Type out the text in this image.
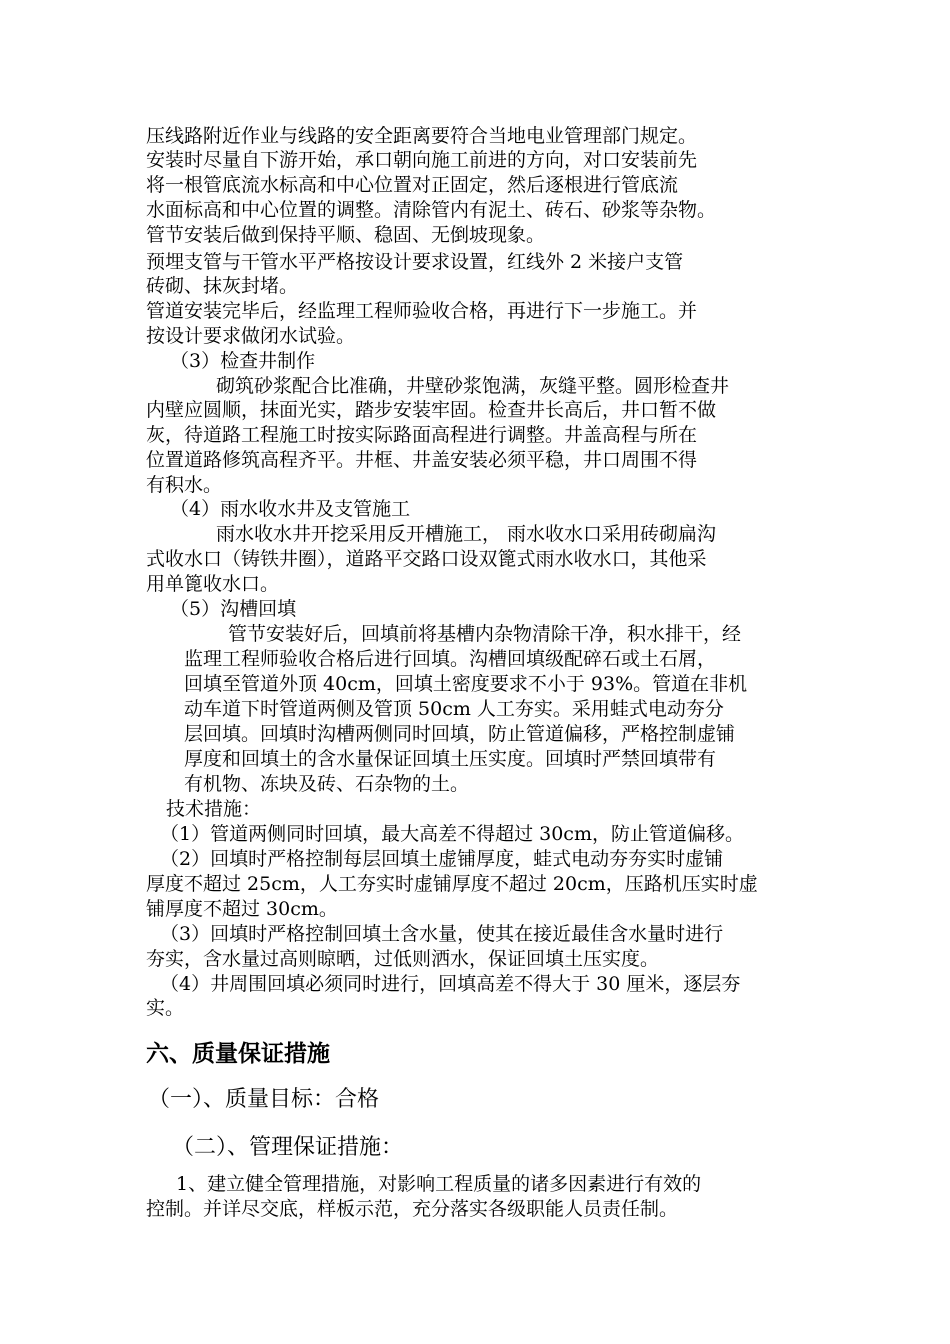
压线路附近作业与线路的安全距离要符合当地电业管理部门规定。
安装时尽量自下游开始，承口朝向施工前进的方向，对口安装前先
将一根管底流水标高和中心位置对正固定，然后逐根进行管底流
水面标高和中心位置的调整。清除管内有泥土、砖石、砂浆等杂物。
管节安装后做到保持平顺、稳固、无倒坡现象。
预埋支管与干管水平严格按设计要求设置，红线外 2 米接户支管
砖砌、抹灰封堵。
管道安装完毕后，经监理工程师验收合格，再进行下一步施工。并
按设计要求做闭水试验。
（3）检查井制作
砌筑砂浆配合比准确，井壁砂浆饱满，灰缝平整。圆形检查井
内壁应圆顺，抹面光实，踏步安装牢固。检查井长高后，井口暂不做
灰，待道路工程施工时按实际路面高程进行调整。井盖高程与所在
位置道路修筑高程齐平。井框、井盖安装必须平稳，井口周围不得
有积水。
（4）雨水收水井及支管施工
雨水收水井开挖采用反开槽施工， 雨水收水口采用砖砌扁沟
式收水口（铸铁井圈），道路平交路口设双篦式雨水收水口，其他采
用单篦收水口。
（5）沟槽回填
管节安装好后，回填前将基槽内杂物清除干净，积水排干，经
监理工程师验收合格后进行回填。沟槽回填级配碎石或土石屑，
回填至管道外顶 40cm，回填土密度要求不小于 93%。管道在非机
动车道下时管道两侧及管顶 50cm 人工夯实。采用蛙式电动夯分
层回填。回填时沟槽两侧同时回填，防止管道偏移，严格控制虚铺
厚度和回填土的含水量保证回填土压实度。回填时严禁回填带有
有机物、冻块及砖、石杂物的土。
技术措施：
（1）管道两侧同时回填，最大高差不得超过 30cm，防止管道偏移。
（2）回填时严格控制每层回填土虚铺厚度，蛙式电动夯夯实时虚铺
厚度不超过 25cm，人工夯实时虚铺厚度不超过 20cm，压路机压实时虚
铺厚度不超过 30cm。
（3）回填时严格控制回填土含水量，使其在接近最佳含水量时进行
夯实，含水量过高则晾晒，过低则洒水，保证回填土压实度。
（4）井周围回填必须同时进行，回填高差不得大于 30 厘米，逐层夯
实。
六、质量保证措施
（一）、质量目标：合格
（二）、管理保证措施：
1、建立健全管理措施，对影响工程质量的诸多因素进行有效的
控制。并详尽交底，样板示范，充分落实各级职能人员责任制。
